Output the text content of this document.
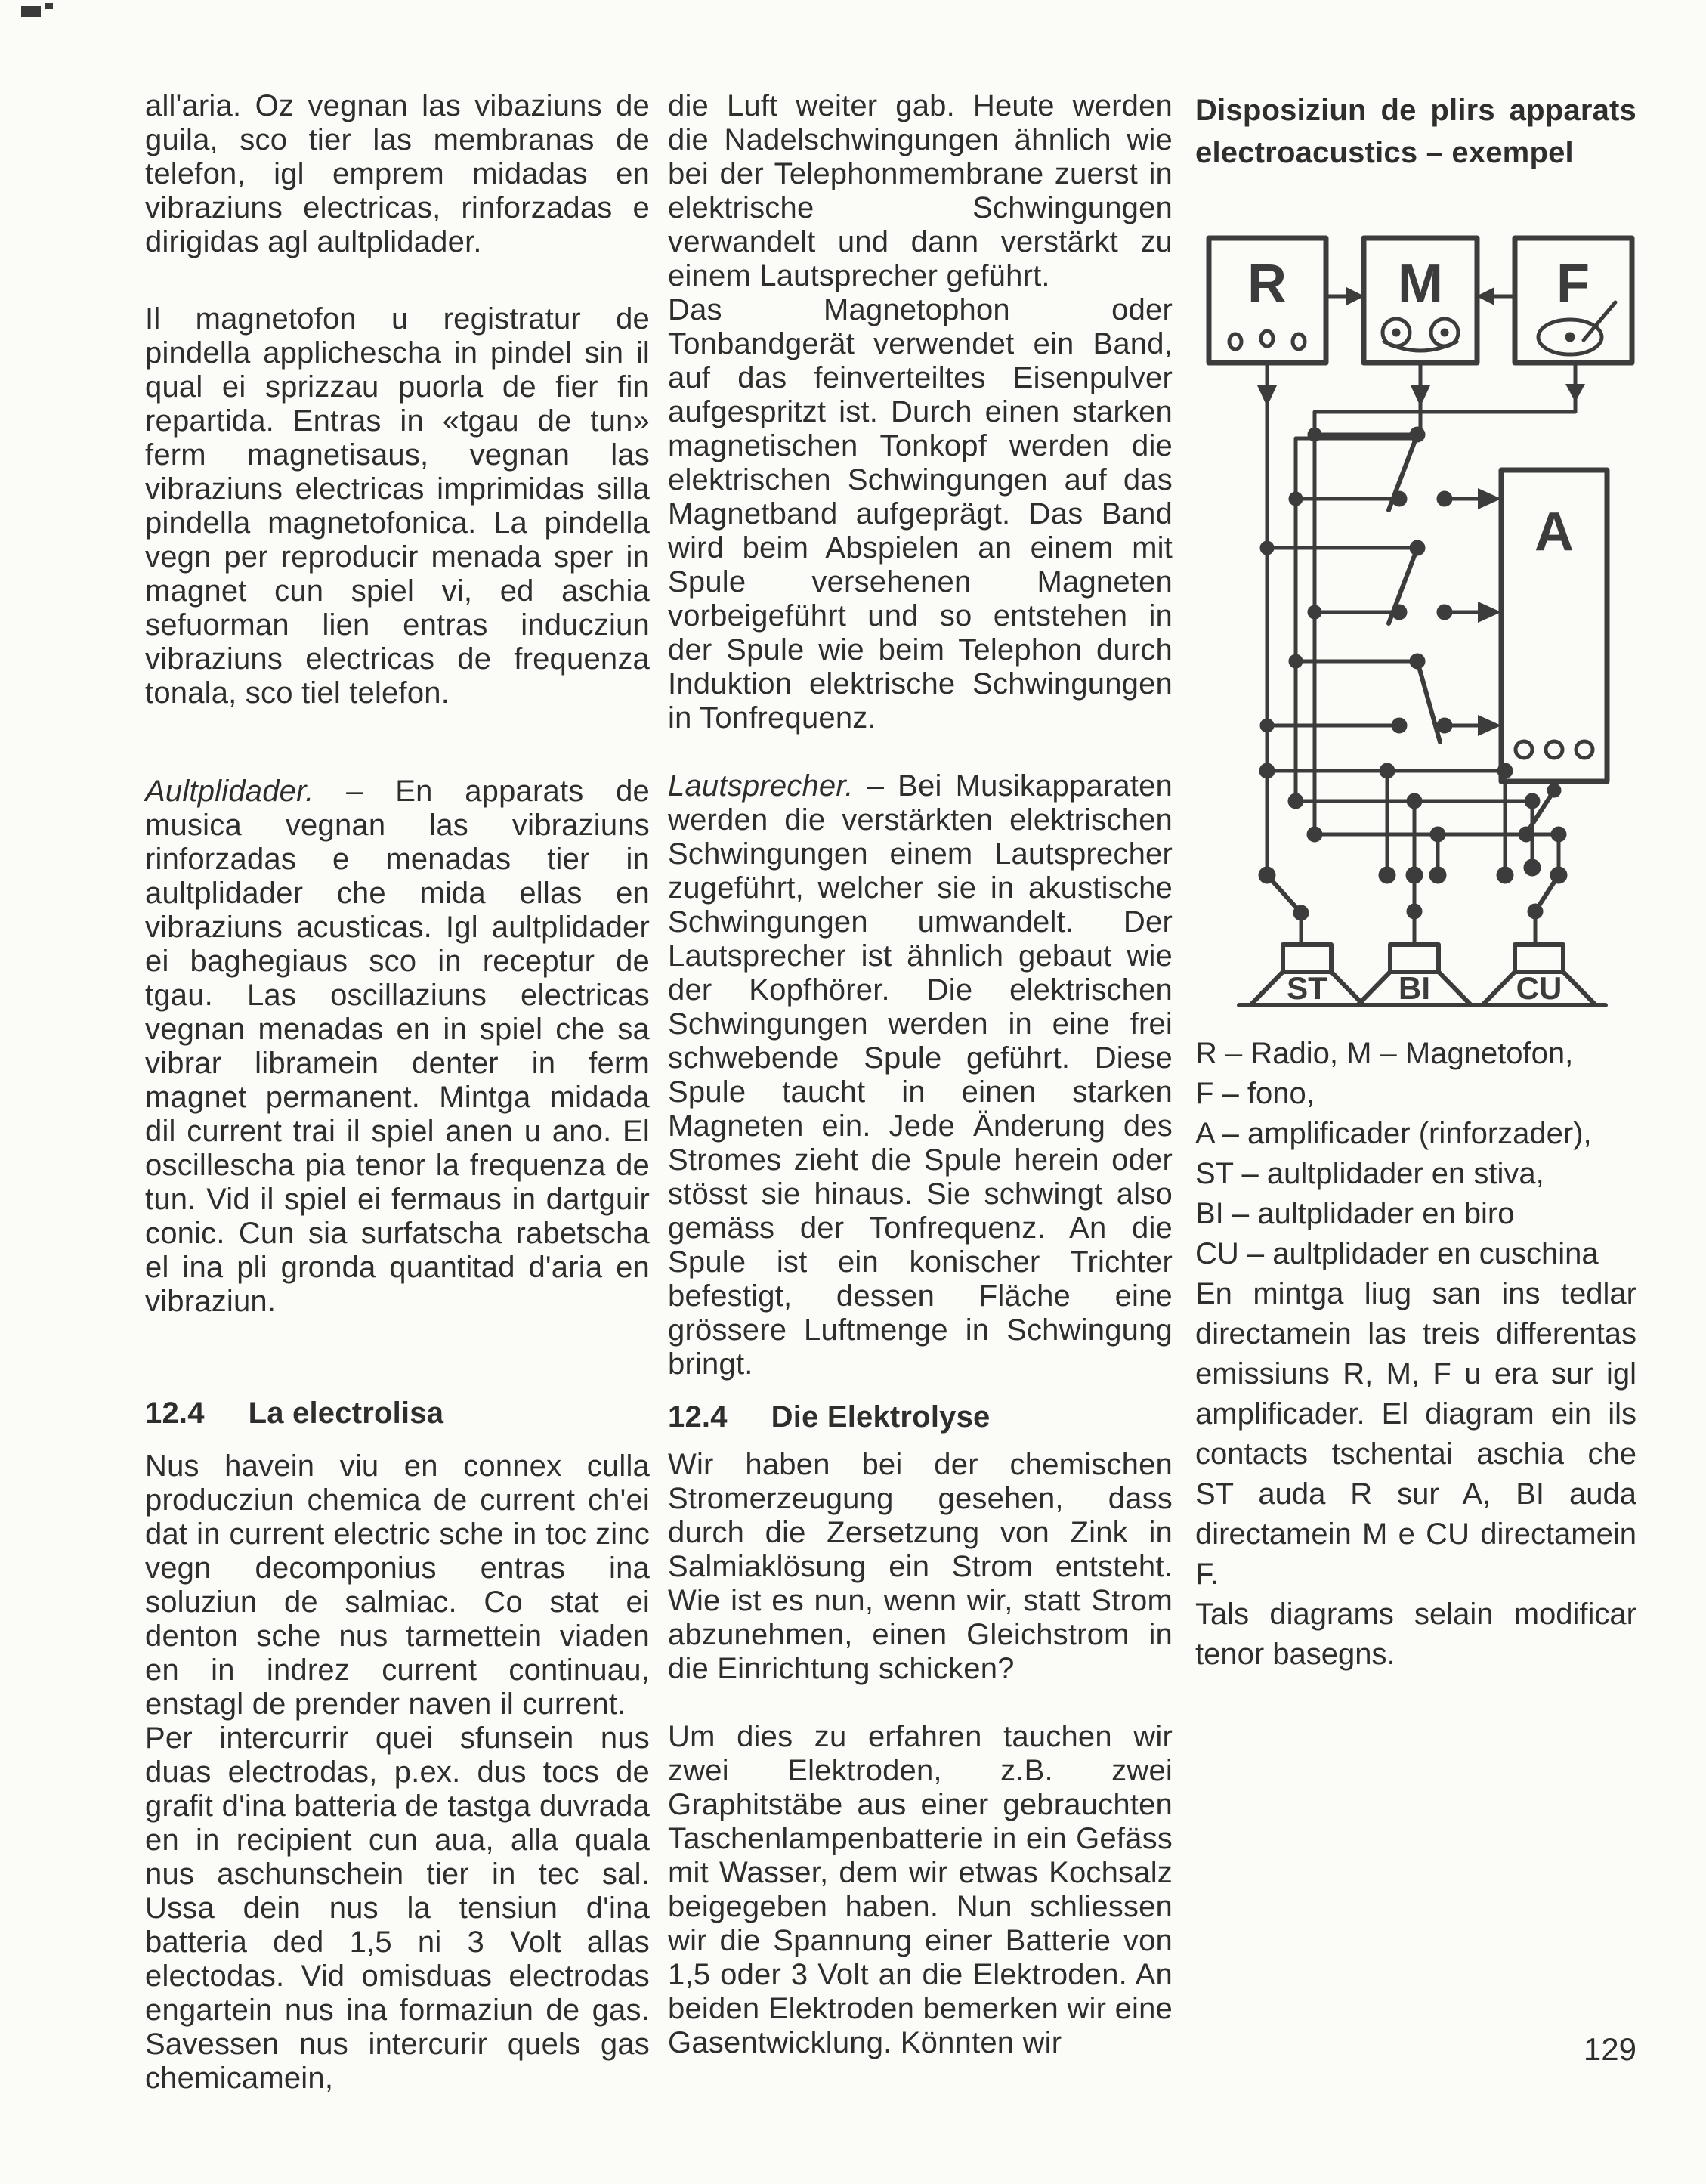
all'aria. Oz vegnan las vibaziuns de guila, sco tier las membranas de telefon, igl emprem midadas en vibraziuns electricas, rinforzadas e dirigidas agl aultplidader.

Il magnetofon u registratur de pindella applichescha in pindel sin il qual ei sprizzau puorla de fier fin repartida. Entras in «tgau de tun» ferm magnetisaus, vegnan las vibraziuns electricas imprimidas silla pindella magnetofonica. La pindella vegn per reproducir menada sper in magnet cun spiel vi, ed aschia sefuorman lien entras inducziun vibraziuns electricas de frequenza tonala, sco tiel telefon.

Aultplidader. – En apparats de musica vegnan las vibraziuns rinforzadas e menadas tier in aultplidader che mida ellas en vibraziuns acusticas. Igl aultplidader ei baghegiaus sco in receptur de tgau. Las oscillaziuns electricas vegnan menadas en in spiel che sa vibrar libramein denter in ferm magnet permanent. Mintga midada dil current trai il spiel anen u ano. El oscillescha pia tenor la frequenza de tun. Vid il spiel ei fermaus in dartguir conic. Cun sia surfatscha rabetscha el ina pli gronda quantitad d'aria en vibraziun.

12.4 La electrolisa

Nus havein viu en connex culla producziun chemica de current ch'ei dat in current electric sche in toc zinc vegn decomponius entras ina soluziun de salmiac. Co stat ei denton sche nus tarmettein viaden en in indrez current continuau, enstagl de prender naven il current.

Per intercurrir quei sfunsein nus duas electrodas, p.ex. dus tocs de grafit d'ina batteria de tastga duvrada en in recipient cun aua, alla quala nus aschunschein tier in tec sal. Ussa dein nus la tensiun d'ina batteria ded 1,5 ni 3 Volt allas electodas. Vid omisduas electrodas engartein nus ina formaziun de gas. Savessen nus intercurir quels gas chemicamein,

die Luft weiter gab. Heute werden die Nadelschwingungen ähnlich wie bei der Telephonmembrane zuerst in elektrische Schwingungen verwandelt und dann verstärkt zu einem Lautsprecher geführt.

Das Magnetophon oder Tonbandgerät verwendet ein Band, auf das feinverteiltes Eisenpulver aufgespritzt ist. Durch einen starken magnetischen Tonkopf werden die elektrischen Schwingungen auf das Magnetband aufgeprägt. Das Band wird beim Abspielen an einem mit Spule versehenen Magneten vorbeigeführt und so entstehen in der Spule wie beim Telephon durch Induktion elektrische Schwingungen in Tonfrequenz.

Lautsprecher. – Bei Musikapparaten werden die verstärkten elektrischen Schwingungen einem Lautsprecher zugeführt, welcher sie in akustische Schwingungen umwandelt. Der Lautsprecher ist ähnlich gebaut wie der Kopfhörer. Die elektrischen Schwingungen werden in eine frei schwebende Spule geführt. Diese Spule taucht in einen starken Magneten ein. Jede Änderung des Stromes zieht die Spule herein oder stösst sie hinaus. Sie schwingt also gemäss der Tonfrequenz. An die Spule ist ein konischer Trichter befestigt, dessen Fläche eine grössere Luftmenge in Schwingung bringt.

12.4 Die Elektrolyse

Wir haben bei der chemischen Stromerzeugung gesehen, dass durch die Zersetzung von Zink in Salmiaklösung ein Strom entsteht. Wie ist es nun, wenn wir, statt Strom abzunehmen, einen Gleichstrom in die Einrichtung schicken?

Um dies zu erfahren tauchen wir zwei Elektroden, z.B. zwei Graphitstäbe aus einer gebrauchten Taschenlampenbatterie in ein Gefäss mit Wasser, dem wir etwas Kochsalz beigegeben haben. Nun schliessen wir die Spannung einer Batterie von 1,5 oder 3 Volt an die Elektroden. An beiden Elektroden bemerken wir eine Gasentwicklung. Könnten wir

Disposiziun de plirs apparats electroacustics – exempel

R M F
A
ST BI	CU
R – Radio, M – Magnetofon,
F – fono,
A – amplificader (rinforzader),
ST – aultplidader en stiva,
BI – aultplidader en biro
CU – aultplidader en cuschina
En mintga liug san ins tedlar directamein las treis differentas emissiuns R, M, F u era sur igl amplificader. El diagram ein ils contacts tschentai aschia che ST auda R sur A, BI auda directamein M e CU directamein F.
Tals diagrams selain modificar tenor basegns.
129
